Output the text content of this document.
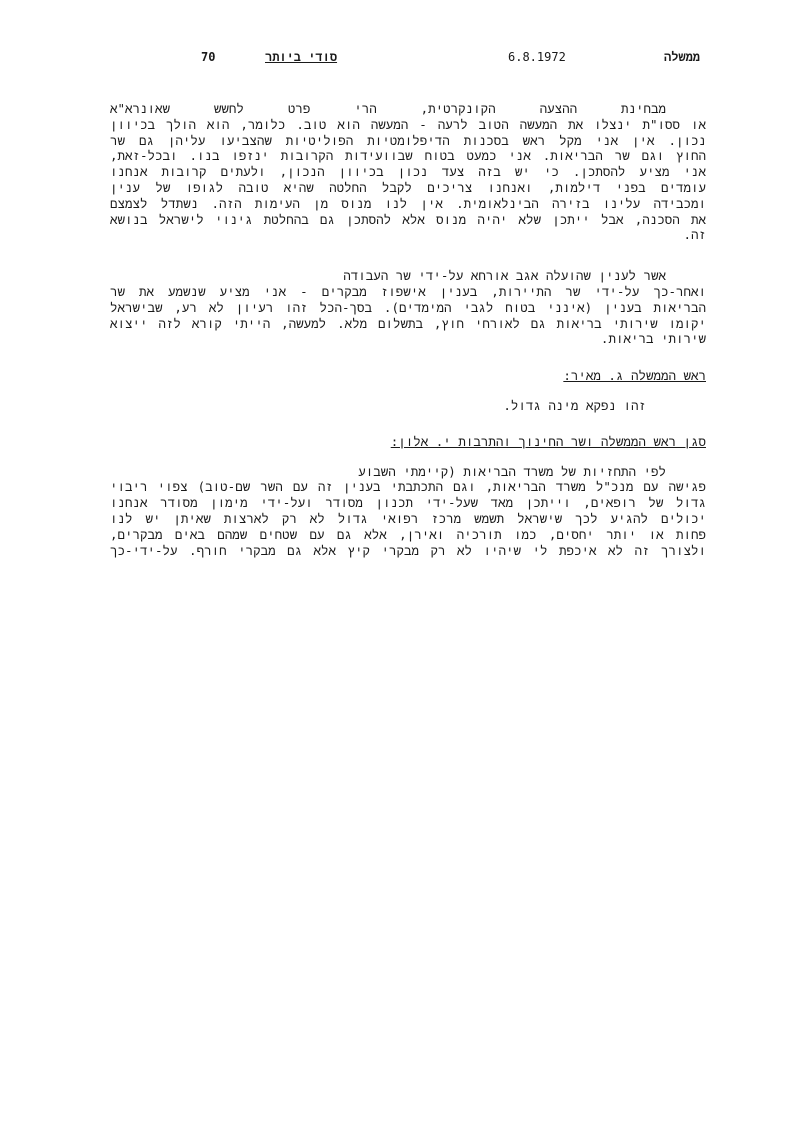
70	סודי ביותר	6.8.1972	ממשלה
מבחינת ההצעה הקונקרטית, הרי פרט לחשש שאונרא"א
או ססו"ת ינצלו את המעשה הטוב לרעה - המעשה הוא טוב. כלומר, הוא הולך בכיוון
נכון. אין אני מקל ראש בסכנות הדיפלומטיות הפוליטיות שהצביעו עליהן גם שר
החוץ וגם שר הבריאות. אני כמעט בטוח שבוועידות הקרובות ינזפו בנו. ובכל-זאת,
אני מציע להסתכן. כי יש בזה צעד נכון בכיוון הנכון, ולעתים קרובות אנחנו
עומדים בפני דילמות, ואנחנו צריכים לקבל החלטה שהיא טובה לגופו של ענין
ומכבידה עלינו בזירה הבינלאומית. אין לנו מנוס מן העימות הזה. נשתדל לצמצם
את הסכנה, אבל ייתכן שלא יהיה מנוס אלא להסתכן גם בהחלטת גינוי לישראל בנושא
זה.
אשר לענין שהועלה אגב אורחא על-ידי שר העבודה
ואחר-כך על-ידי שר התיירות, בענין אישפוז מבקרים - אני מציע שנשמע את שר
הבריאות בענין (אינני בטוח לגבי המימדים). בסך-הכל זהו רעיון לא רע, שבישראל
יקומו שירותי בריאות גם לאורחי חוץ, בתשלום מלא. למעשה, הייתי קורא לזה ייצוא
שירותי בריאות.
ראש הממשלה ג. מאיר:
זהו נפקא מינה גדול.
סגן ראש הממשלה ושר החינוך והתרבות י. אלון:
לפי התחזיות של משרד הבריאות (קיימתי השבוע
פגישה עם מנכ"ל משרד הבריאות, וגם התכתבתי בענין זה עם השר שם-טוב) צפוי ריבוי
גדול של רופאים, וייתכן מאד שעל-ידי תכנון מסודר ועל-ידי מימון מסודר אנחנו
יכולים להגיע לכך שישראל תשמש מרכז רפואי גדול לא רק לארצות שאיתן יש לנו
פחות או יותר יחסים, כמו תורכיה ואירן, אלא גם עם שטחים שמהם באים מבקרים,
ולצורך זה לא איכפת לי שיהיו לא רק מבקרי קיץ אלא גם מבקרי חורף. על-ידי-כך
